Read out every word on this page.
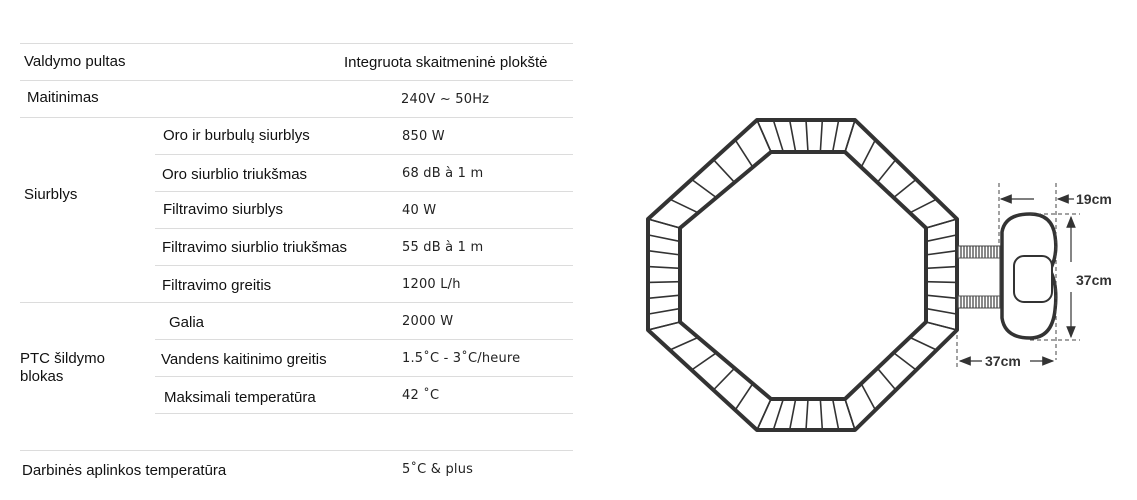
Valdymo pultas	Integruota skaitmeninė plokštė
Maitinimas	240V ~ 50Hz
Siurblys
Oro ir burbulų siurblys	850 W
Oro siurblio triukšmas	68 dB à 1 m
Filtravimo siurblys	40 W
Filtravimo siurblio triukšmas	55 dB à 1 m
Filtravimo greitis	1200 L/h
PTC šildymo blokas
Galia	2000 W
Vandens kaitinimo greitis	1.5˚C - 3˚C/heure
Maksimali temperatūra	42 ˚C
Darbinės aplinkos temperatūra	5˚C & plus
19cm
37cm
37cm
